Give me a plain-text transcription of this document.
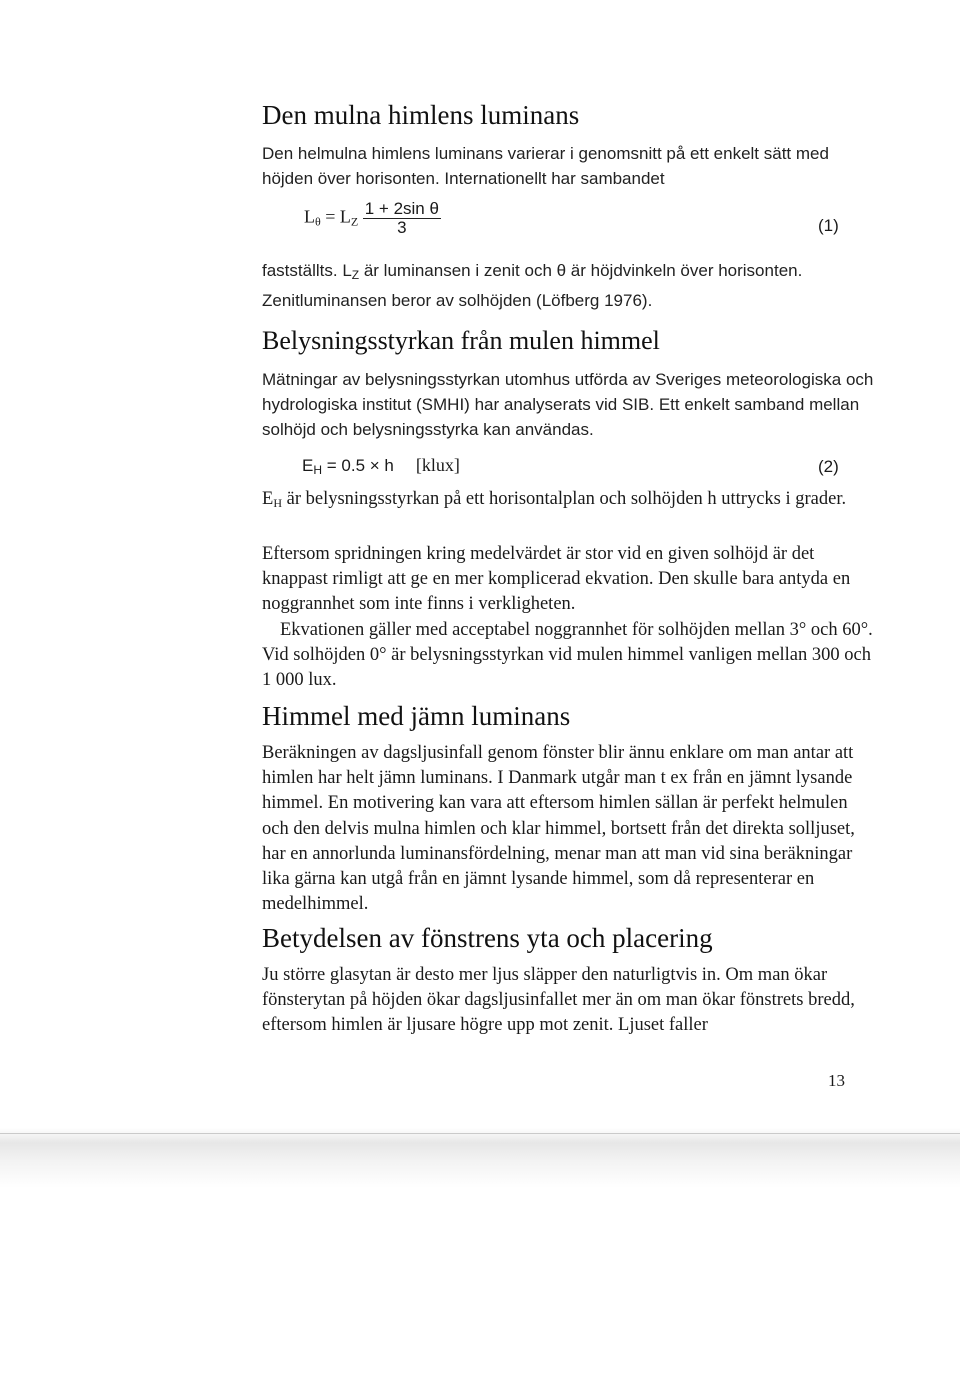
Den mulna himlens luminans

Den helmulna himlens luminans varierar i genomsnitt på ett enkelt sätt med höjden över horisonten. Internationellt har sambandet

$L_\theta = L_Z \frac{\text{1 + 2sin θ}}{3}$	(1)

fastställts. $L_Z$ är luminansen i zenit och θ är höjdvinkeln över horisonten. Zenitluminansen beror av solhöjden (Löfberg 1976).

Belysningsstyrkan från mulen himmel

Mätningar av belysningsstyrkan utomhus utförda av Sveriges meteorologiska och hydrologiska institut (SMHI) har analyserats vid SIB. Ett enkelt samband mellan solhöjd och belysningsstyrka kan användas.

$E_H = 0.5 \times h$ [klux]	(2)

$E_H$ är belysningsstyrkan på ett horisontalplan och solhöjden h uttrycks i grader.

Eftersom spridningen kring medelvärdet är stor vid en given solhöjd är det knappast rimligt att ge en mer komplicerad ekvation. Den skulle bara antyda en noggrannhet som inte finns i verkligheten.

Ekvationen gäller med acceptabel noggrannhet för solhöjden mellan 3° och 60°. Vid solhöjden 0° är belysningsstyrkan vid mulen himmel vanligen mellan 300 och 1 000 lux.

Himmel med jämn luminans

Beräkningen av dagsljusinfall genom fönster blir ännu enklare om man antar att himlen har helt jämn luminans. I Danmark utgår man t ex från en jämnt lysande himmel. En motivering kan vara att eftersom himlen sällan är perfekt helmulen och den delvis mulna himlen och klar himmel, bortsett från det direkta solljuset, har en annorlunda luminansfördelning, menar man att man vid sina beräkningar lika gärna kan utgå från en jämnt lysande himmel, som då representerar en medelhimmel.

Betydelsen av fönstrens yta och placering

Ju större glasytan är desto mer ljus släpper den naturligtvis in. Om man ökar fönsterytan på höjden ökar dagsljusinfallet mer än om man ökar fönstrets bredd, eftersom himlen är ljusare högre upp mot zenit. Ljuset faller

13
